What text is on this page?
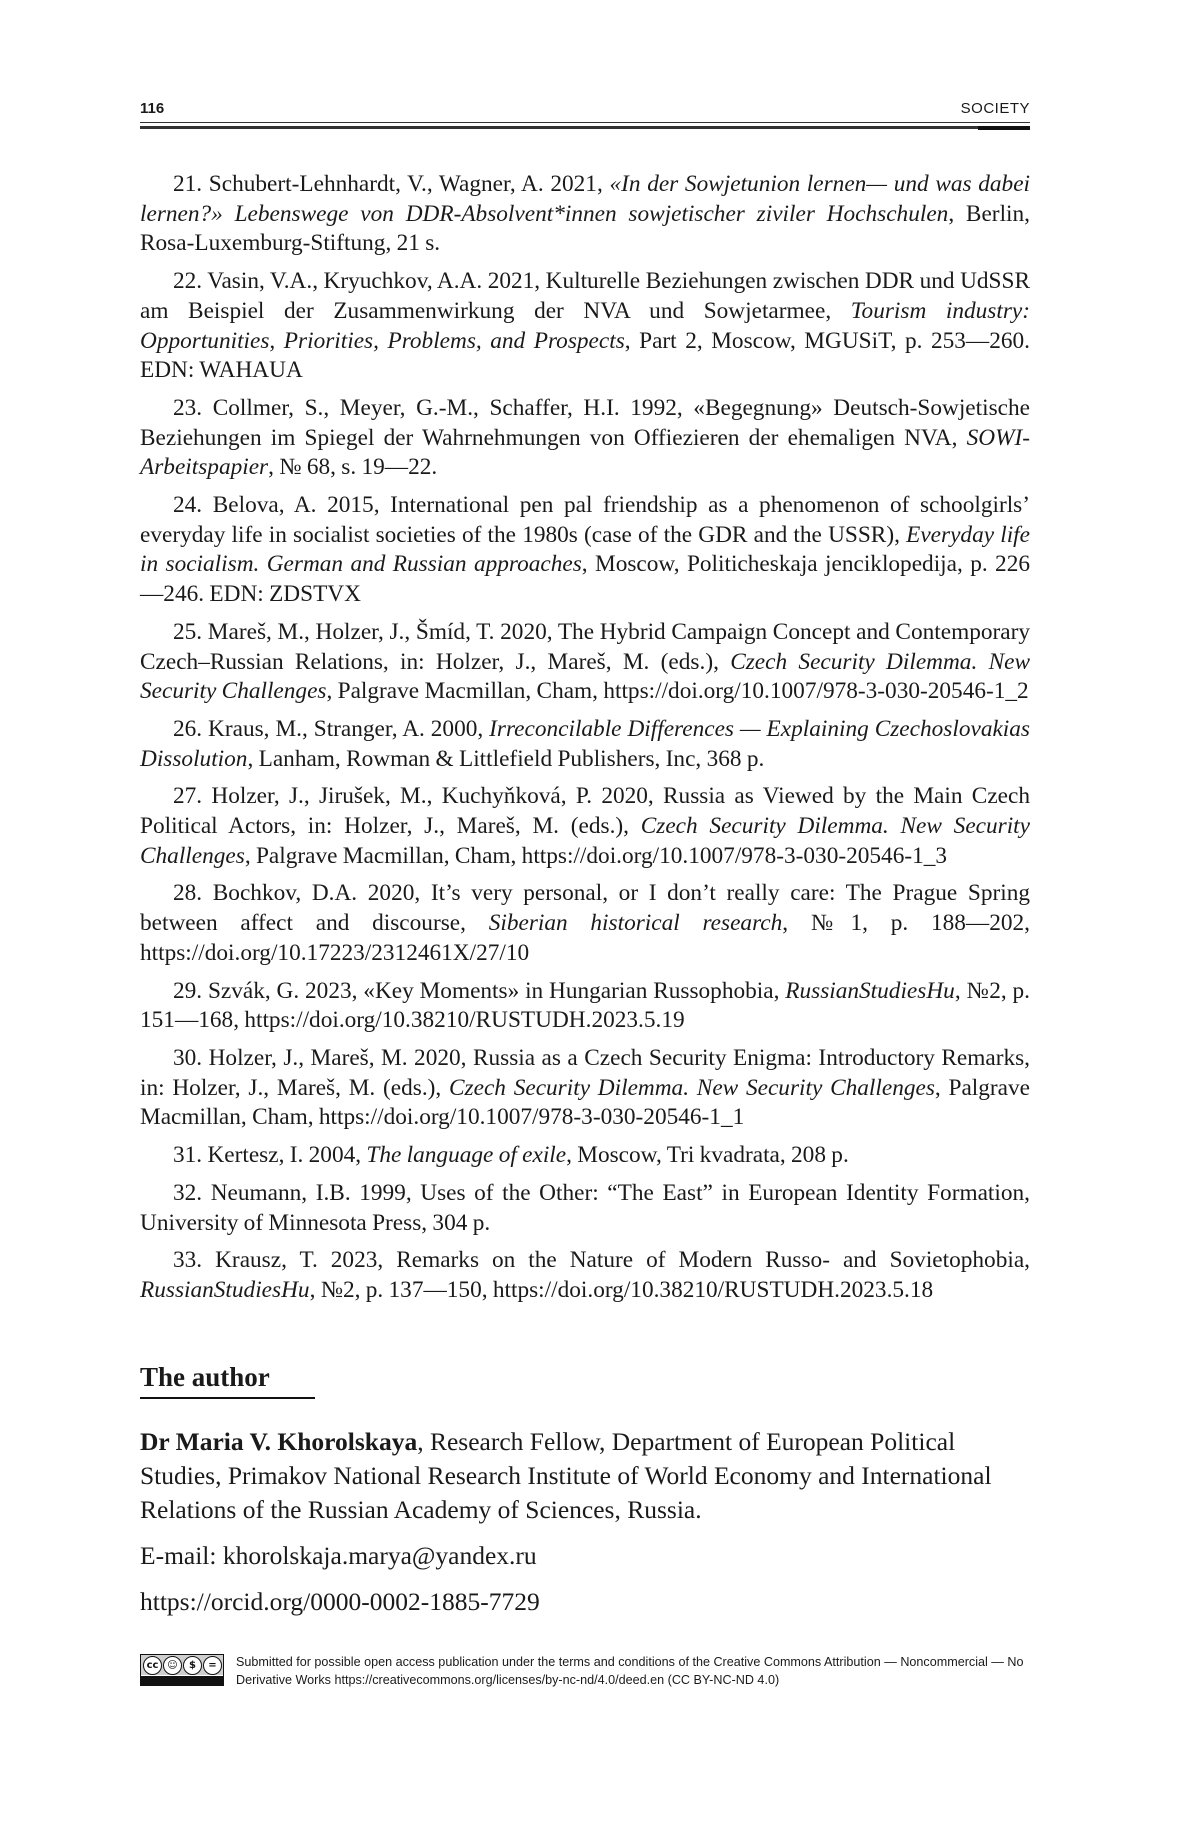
116	SOCIETY

21. Schubert-Lehnhardt, V., Wagner, A. 2021, «In der Sowjetunion lernen— und was dabei lernen?» Lebenswege von DDR-Absolvent*innen sowjetischer ziviler Hochschulen, Berlin, Rosa-Luxemburg-Stiftung, 21 s.

22. Vasin, V.A., Kryuchkov, A.A. 2021, Kulturelle Beziehungen zwischen DDR und UdSSR am Beispiel der Zusammenwirkung der NVA und Sowjetarmee, Tourism industry: Opportunities, Priorities, Problems, and Prospects, Part 2, Moscow, MGUSiT, p. 253—260. EDN: WAHAUA

23. Collmer, S., Meyer, G.-M., Schaffer, H.I. 1992, «Begegnung» Deutsch-Sowjetische Beziehungen im Spiegel der Wahrnehmungen von Offiezieren der ehemaligen NVA, SOWI-Arbeitspapier, № 68, s. 19—22.

24. Belova, A. 2015, International pen pal friendship as a phenomenon of schoolgirls’ everyday life in socialist societies of the 1980s (case of the GDR and the USSR), Everyday life in socialism. German and Russian approaches, Moscow, Politicheskaja jenciklopedija, p. 226—246. EDN: ZDSTVX

25. Mareš, M., Holzer, J., Šmíd, T. 2020, The Hybrid Campaign Concept and Contemporary Czech–Russian Relations, in: Holzer, J., Mareš, M. (eds.), Czech Security Dilemma. New Security Challenges, Palgrave Macmillan, Cham, https://doi.org/10.1007/978-3-030-20546-1_2

26. Kraus, M., Stranger, A. 2000, Irreconcilable Differences — Explaining Czechoslovakias Dissolution, Lanham, Rowman & Littlefield Publishers, Inc, 368 p.

27. Holzer, J., Jirušek, M., Kuchyňková, P. 2020, Russia as Viewed by the Main Czech Political Actors, in: Holzer, J., Mareš, M. (eds.), Czech Security Dilemma. New Security Challenges, Palgrave Macmillan, Cham, https://doi.org/10.1007/978-3-030-20546-1_3

28. Bochkov, D.A. 2020, It’s very personal, or I don’t really care: The Prague Spring between affect and discourse, Siberian historical research, №1, p. 188—202, https://doi.org/10.17223/2312461X/27/10

29. Szvák, G. 2023, «Key Moments» in Hungarian Russophobia, RussianStudiesHu, №2, p. 151—168, https://doi.org/10.38210/RUSTUDH.2023.5.19

30. Holzer, J., Mareš, M. 2020, Russia as a Czech Security Enigma: Introductory Remarks, in: Holzer, J., Mareš, M. (eds.), Czech Security Dilemma. New Security Challenges, Palgrave Macmillan, Cham, https://doi.org/10.1007/978-3-030-20546-1_1

31. Kertesz, I. 2004, The language of exile, Moscow, Tri kvadrata, 208 p.

32. Neumann, I.B. 1999, Uses of the Other: “The East” in European Identity Formation, University of Minnesota Press, 304 p.

33. Krausz, T. 2023, Remarks on the Nature of Modern Russo- and Sovietophobia, RussianStudiesHu, №2, p. 137—150, https://doi.org/10.38210/RUSTUDH.2023.5.18

The author

Dr Maria V. Khorolskaya, Research Fellow, Department of European Political Studies, Primakov National Research Institute of World Economy and International Relations of the Russian Academy of Sciences, Russia.

E-mail: khorolskaja.marya@yandex.ru

https://orcid.org/0000-0002-1885-7729

cc ☺	$	=	Submitted for possible open access publication under the terms and conditions of the Creative Commons Attribution — Noncommercial — No Derivative Works https://creativecommons.org/licenses/by-nc-nd/4.0/deed.en (CC BY-NC-ND 4.0)
